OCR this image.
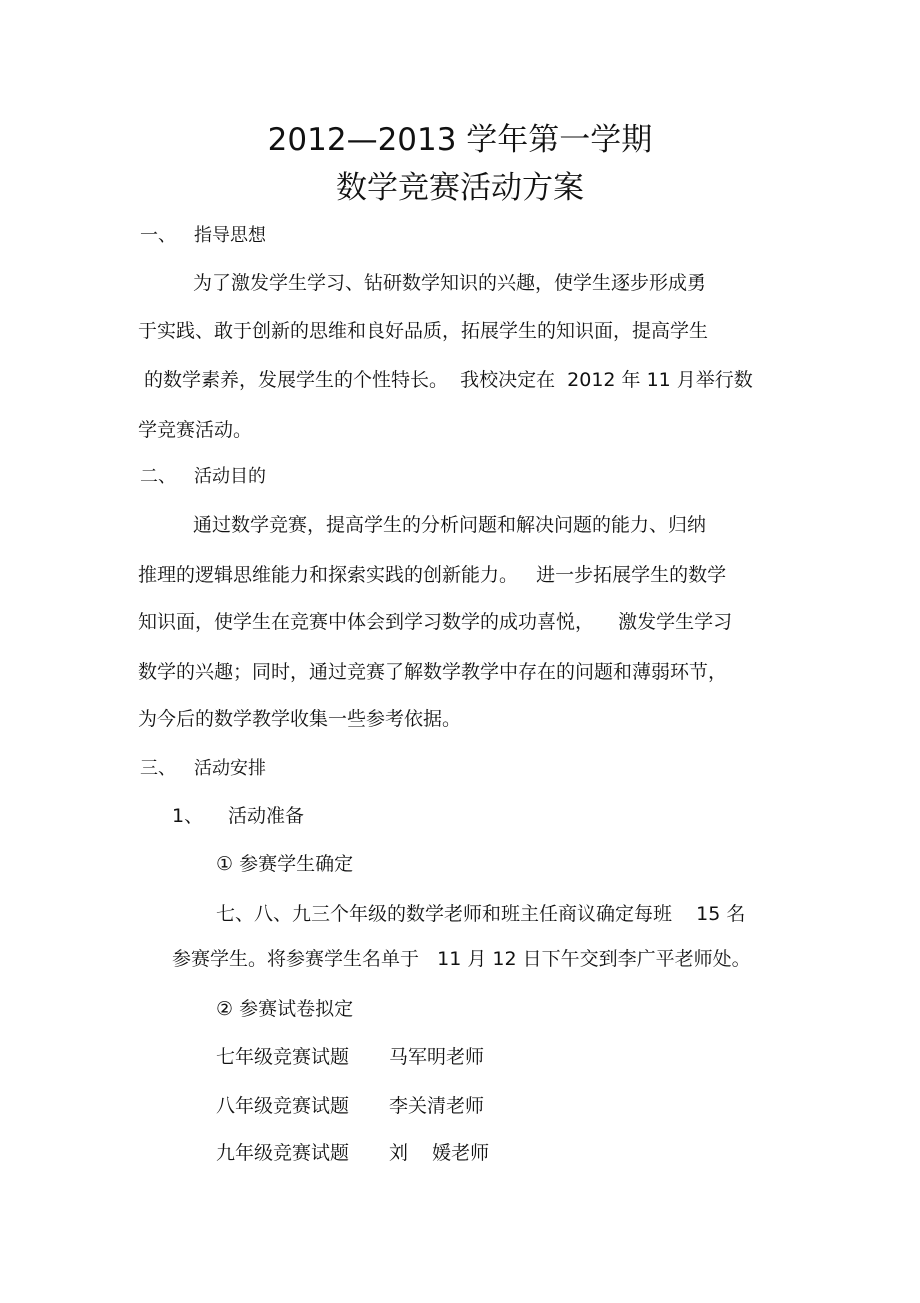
2012—2013 学年第一学期
数学竞赛活动方案
一、 指导思想
为了激发学生学习、钻研数学知识的兴趣，使学生逐步形成勇
于实践、敢于创新的思维和良好品质，拓展学生的知识面，提高学生
的数学素养，发展学生的个性特长。  我校决定在  2012 年 11 月举行数
学竞赛活动。
二、 活动目的
通过数学竞赛，提高学生的分析问题和解决问题的能力、归纳
推理的逻辑思维能力和探索实践的创新能力。   进一步拓展学生的数学
知识面，使学生在竞赛中体会到学习数学的成功喜悦，    激发学生学习
数学的兴趣；同时，通过竞赛了解数学教学中存在的问题和薄弱环节，
为今后的数学教学收集一些参考依据。
三、 活动安排
1、 活动准备
① 参赛学生确定
七、八、九三个年级的数学老师和班主任商议确定每班    15 名
参赛学生。将参赛学生名单于   11 月 12 日下午交到李广平老师处。
② 参赛试卷拟定
七年级竞赛试题 马军明老师
八年级竞赛试题 李关清老师
九年级竞赛试题 刘    媛老师
